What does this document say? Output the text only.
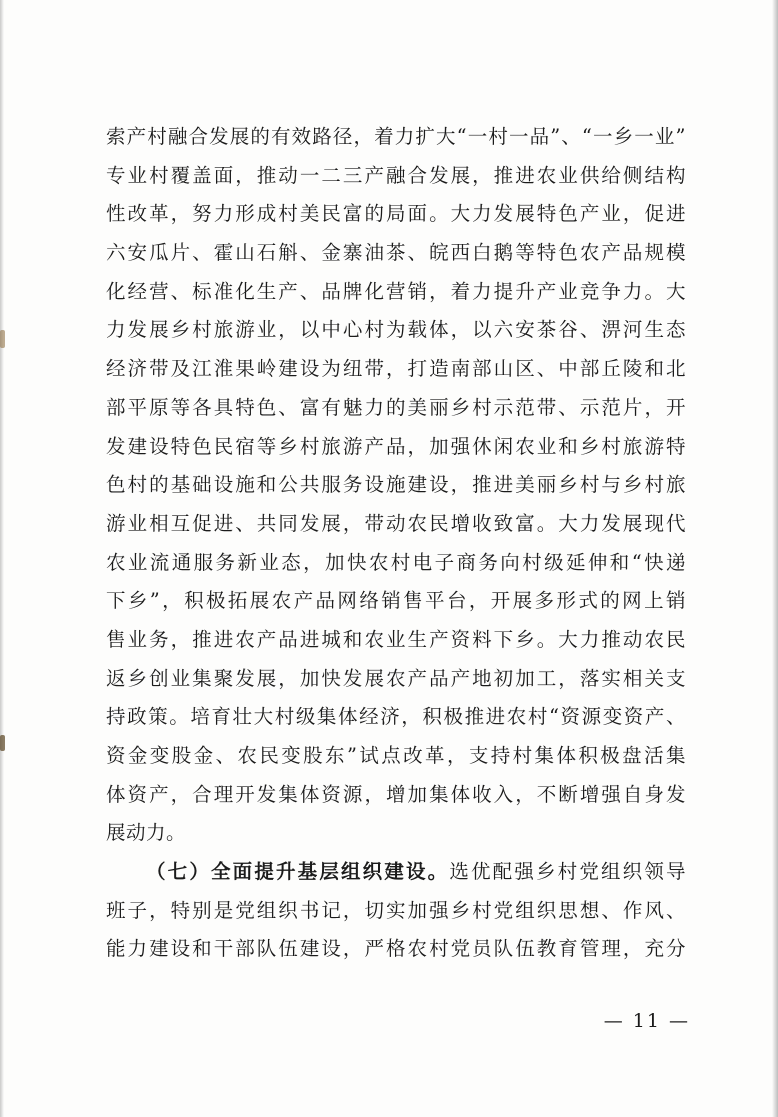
索产村融合发展的有效路径，着力扩大“一村一品”、“一乡一业”
专业村覆盖面，推动一二三产融合发展，推进农业供给侧结构
性改革，努力形成村美民富的局面。大力发展特色产业，促进
六安瓜片、霍山石斛、金寨油茶、皖西白鹅等特色农产品规模
化经营、标准化生产、品牌化营销，着力提升产业竞争力。大
力发展乡村旅游业，以中心村为载体，以六安茶谷、淠河生态
经济带及江淮果岭建设为纽带，打造南部山区、中部丘陵和北
部平原等各具特色、富有魅力的美丽乡村示范带、示范片，开
发建设特色民宿等乡村旅游产品，加强休闲农业和乡村旅游特
色村的基础设施和公共服务设施建设，推进美丽乡村与乡村旅
游业相互促进、共同发展，带动农民增收致富。大力发展现代
农业流通服务新业态，加快农村电子商务向村级延伸和“快递
下乡”，积极拓展农产品网络销售平台，开展多形式的网上销
售业务，推进农产品进城和农业生产资料下乡。大力推动农民
返乡创业集聚发展，加快发展农产品产地初加工，落实相关支
持政策。培育壮大村级集体经济，积极推进农村“资源变资产、
资金变股金、农民变股东”试点改革，支持村集体积极盘活集
体资产，合理开发集体资源，增加集体收入，不断增强自身发
展动力。
（七）全面提升基层组织建设。选优配强乡村党组织领导
班子，特别是党组织书记，切实加强乡村党组织思想、作风、
能力建设和干部队伍建设，严格农村党员队伍教育管理，充分
— 11 —
